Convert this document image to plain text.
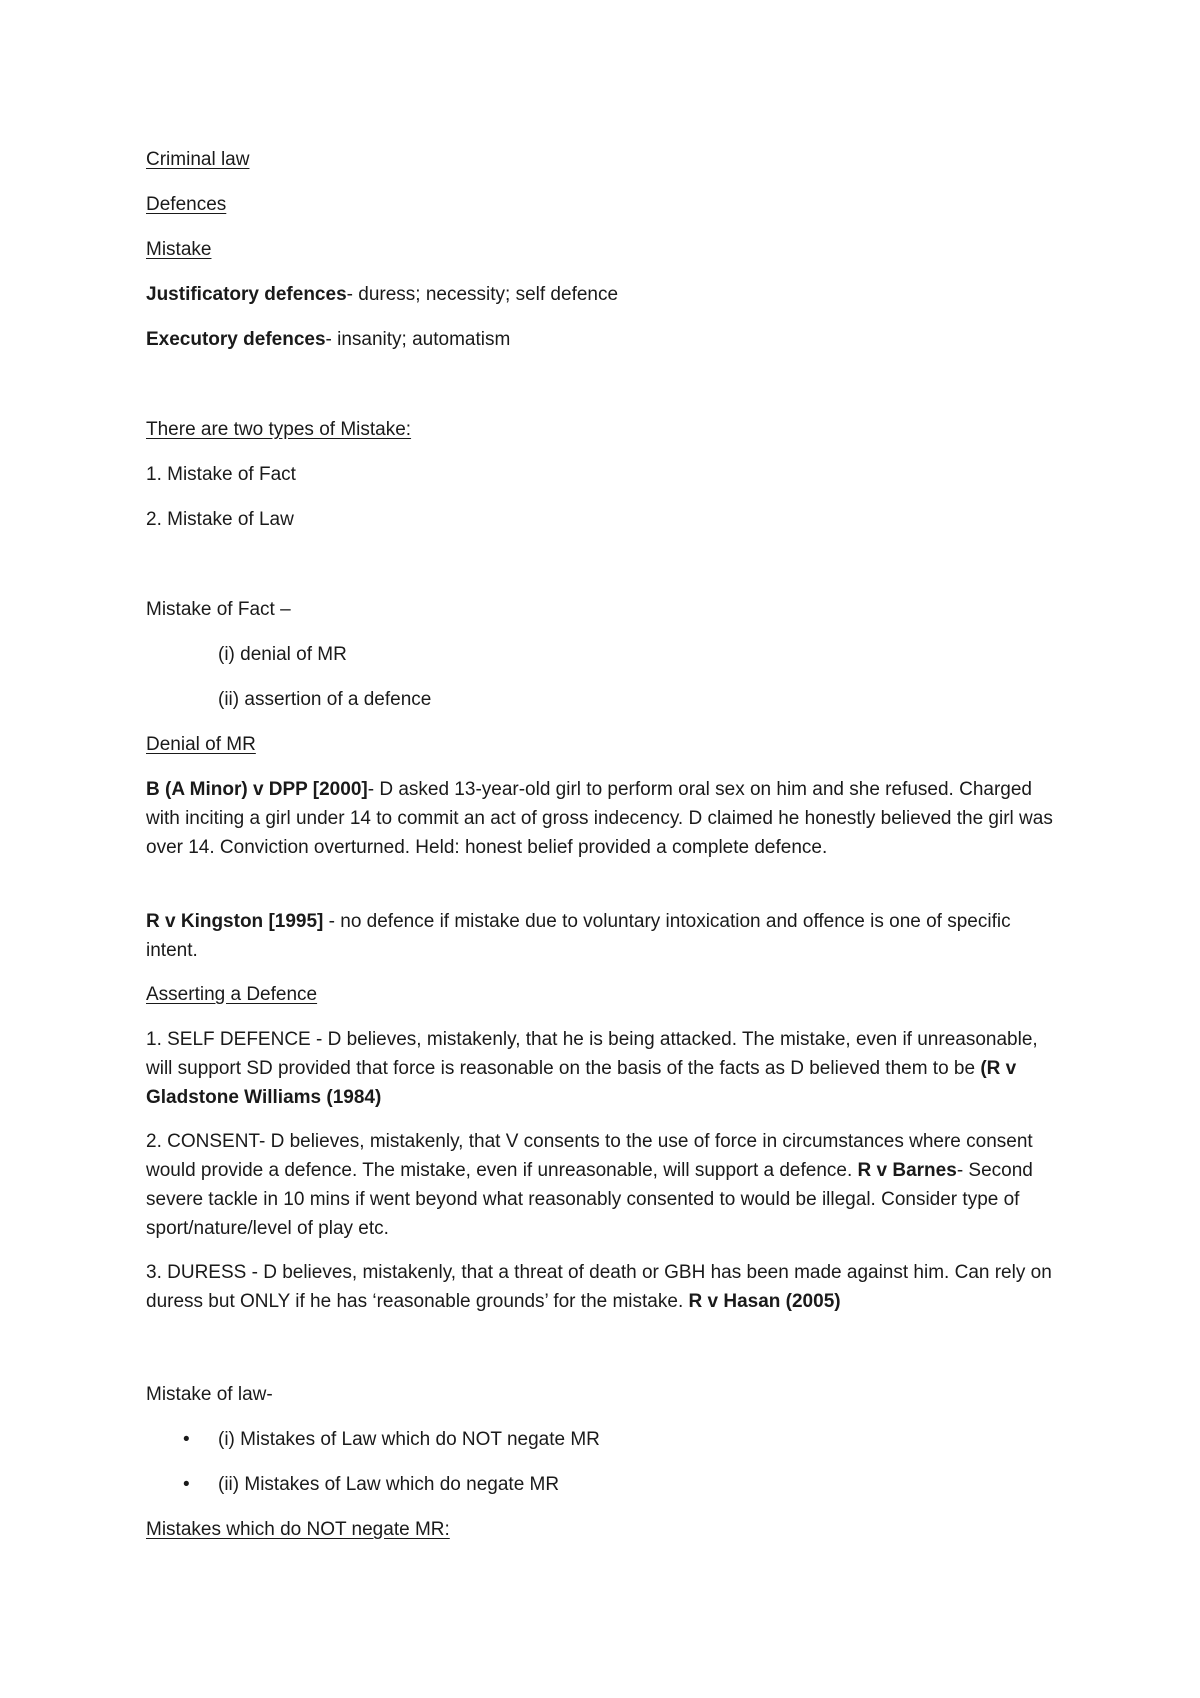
Criminal law

Defences

Mistake

Justificatory defences- duress; necessity; self defence

Executory defences- insanity; automatism

There are two types of Mistake:

1. Mistake of Fact

2. Mistake of Law

Mistake of Fact –

(i) denial of MR

(ii) assertion of a defence

Denial of MR

B (A Minor) v DPP [2000]- D asked 13-year-old girl to perform oral sex on him and she refused. Charged with inciting a girl under 14 to commit an act of gross indecency. D claimed he honestly believed the girl was over 14. Conviction overturned. Held: honest belief provided a complete defence.

R v Kingston [1995] - no defence if mistake due to voluntary intoxication and offence is one of specific intent.

Asserting a Defence

1. SELF DEFENCE - D believes, mistakenly, that he is being attacked. The mistake, even if unreasonable, will support SD provided that force is reasonable on the basis of the facts as D believed them to be (R v Gladstone Williams (1984)

2. CONSENT- D believes, mistakenly, that V consents to the use of force in circumstances where consent would provide a defence. The mistake, even if unreasonable, will support a defence. R v Barnes- Second severe tackle in 10 mins if went beyond what reasonably consented to would be illegal. Consider type of sport/nature/level of play etc.

3. DURESS - D believes, mistakenly, that a threat of death or GBH has been made against him. Can rely on duress but ONLY if he has ‘reasonable grounds’ for the mistake. R v Hasan (2005)

Mistake of law-

• (i) Mistakes of Law which do NOT negate MR
• (ii) Mistakes of Law which do negate MR

Mistakes which do NOT negate MR:
